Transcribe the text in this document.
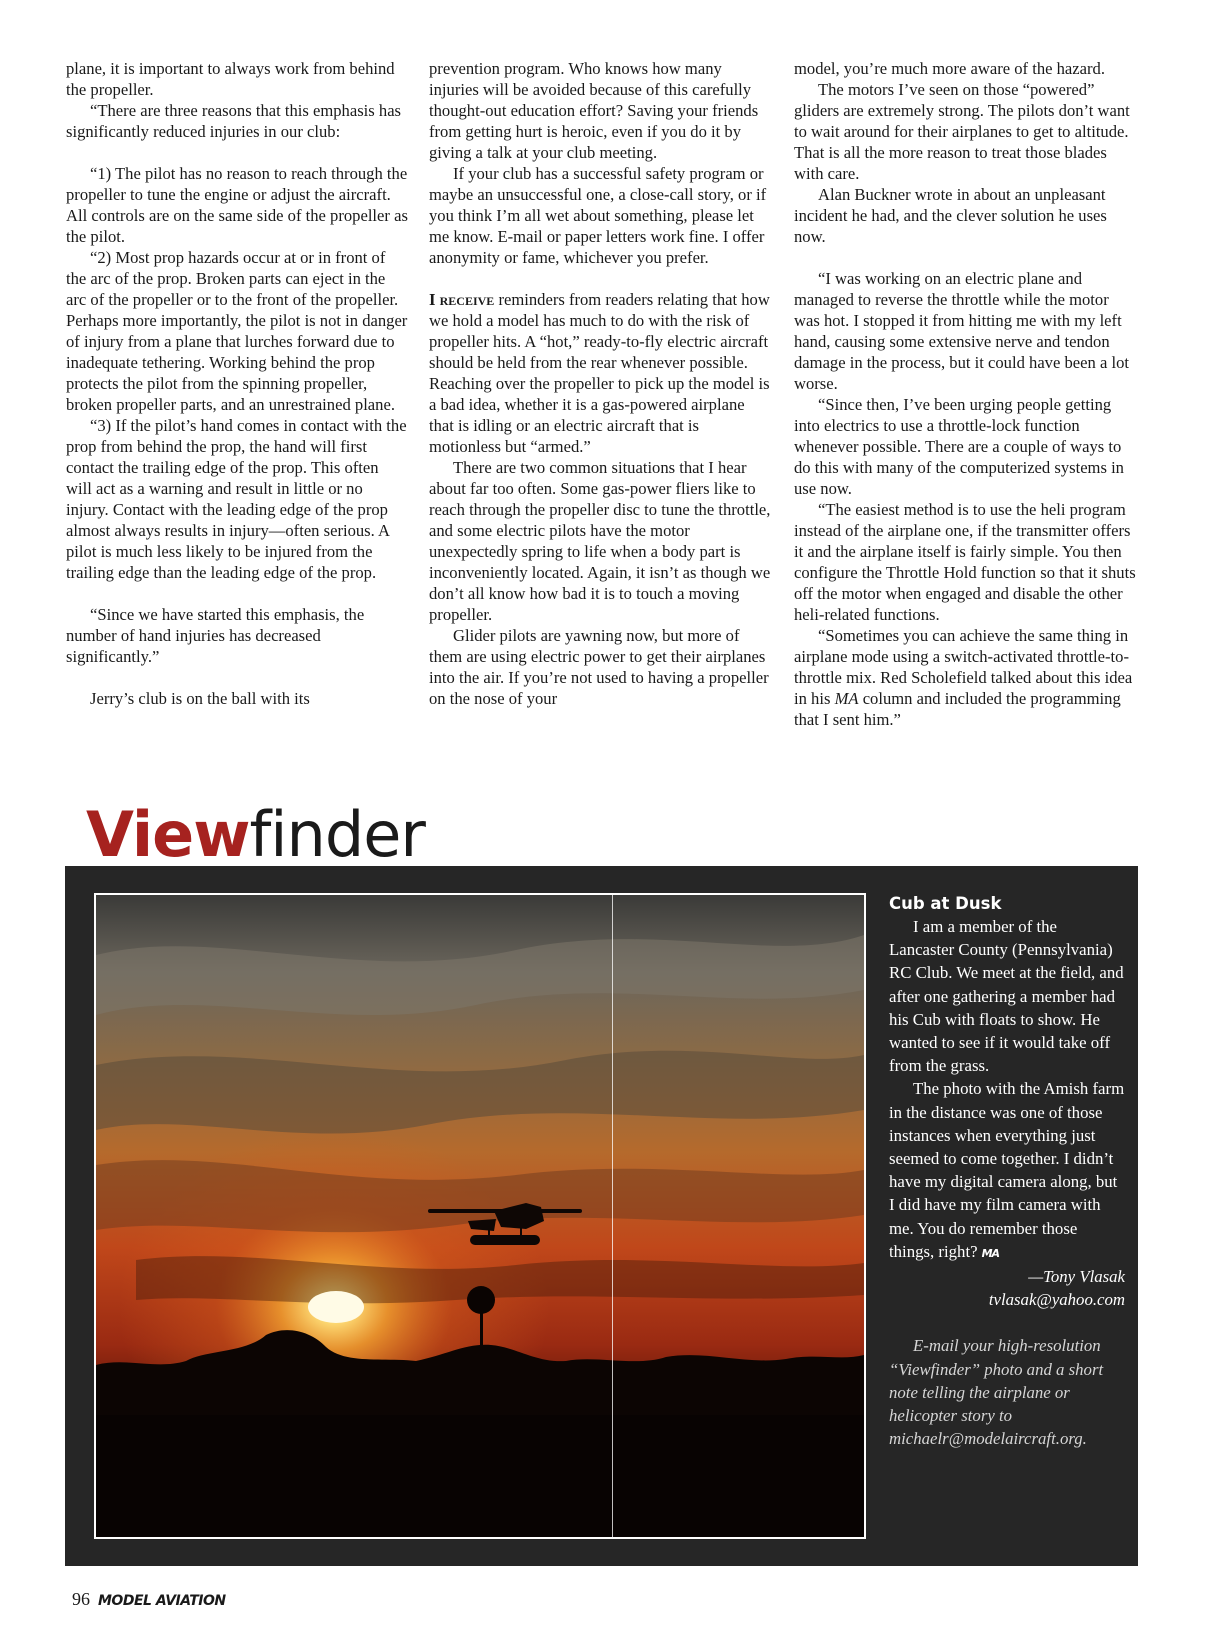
plane, it is important to always work from behind the propeller.

“There are three reasons that this emphasis has significantly reduced injuries in our club:

“1) The pilot has no reason to reach through the propeller to tune the engine or adjust the aircraft. All controls are on the same side of the propeller as the pilot.

“2) Most prop hazards occur at or in front of the arc of the prop. Broken parts can eject in the arc of the propeller or to the front of the propeller. Perhaps more importantly, the pilot is not in danger of injury from a plane that lurches forward due to inadequate tethering. Working behind the prop protects the pilot from the spinning propeller, broken propeller parts, and an unrestrained plane.

“3) If the pilot’s hand comes in contact with the prop from behind the prop, the hand will first contact the trailing edge of the prop. This often will act as a warning and result in little or no injury. Contact with the leading edge of the prop almost always results in injury—often serious. A pilot is much less likely to be injured from the trailing edge than the leading edge of the prop.

“Since we have started this emphasis, the number of hand injuries has decreased significantly.”

Jerry’s club is on the ball with its

prevention program. Who knows how many injuries will be avoided because of this carefully thought-out education effort? Saving your friends from getting hurt is heroic, even if you do it by giving a talk at your club meeting.

If your club has a successful safety program or maybe an unsuccessful one, a close-call story, or if you think I’m all wet about something, please let me know. E-mail or paper letters work fine. I offer anonymity or fame, whichever you prefer.

I receive reminders from readers relating that how we hold a model has much to do with the risk of propeller hits. A “hot,” ready-to-fly electric aircraft should be held from the rear whenever possible. Reaching over the propeller to pick up the model is a bad idea, whether it is a gas-powered airplane that is idling or an electric aircraft that is motionless but “armed.”

There are two common situations that I hear about far too often. Some gas-power fliers like to reach through the propeller disc to tune the throttle, and some electric pilots have the motor unexpectedly spring to life when a body part is inconveniently located. Again, it isn’t as though we don’t all know how bad it is to touch a moving propeller.

Glider pilots are yawning now, but more of them are using electric power to get their airplanes into the air. If you’re not used to having a propeller on the nose of your

model, you’re much more aware of the hazard.

The motors I’ve seen on those “powered” gliders are extremely strong. The pilots don’t want to wait around for their airplanes to get to altitude. That is all the more reason to treat those blades with care.

Alan Buckner wrote in about an unpleasant incident he had, and the clever solution he uses now.

“I was working on an electric plane and managed to reverse the throttle while the motor was hot. I stopped it from hitting me with my left hand, causing some extensive nerve and tendon damage in the process, but it could have been a lot worse.

“Since then, I’ve been urging people getting into electrics to use a throttle-lock function whenever possible. There are a couple of ways to do this with many of the computerized systems in use now.

“The easiest method is to use the heli program instead of the airplane one, if the transmitter offers it and the airplane itself is fairly simple. You then configure the Throttle Hold function so that it shuts off the motor when engaged and disable the other heli-related functions.

“Sometimes you can achieve the same thing in airplane mode using a switch-activated throttle-to-throttle mix. Red Scholefield talked about this idea in his MA column and included the programming that I sent him.”

Viewfinder
Cub at Dusk

I am a member of the Lancaster County (Pennsylvania) RC Club. We meet at the field, and after one gathering a member had his Cub with floats to show. He wanted to see if it would take off from the grass.

The photo with the Amish farm in the distance was one of those instances when everything just seemed to come together. I didn’t have my digital camera along, but I did have my film camera with me. You do remember those things, right? MA

—Tony Vlasak
tvlasak@yahoo.com
E-mail your high-resolution “Viewfinder” photo and a short note telling the airplane or helicopter story to michaelr@modelaircraft.org.
96 MODEL AVIATION
